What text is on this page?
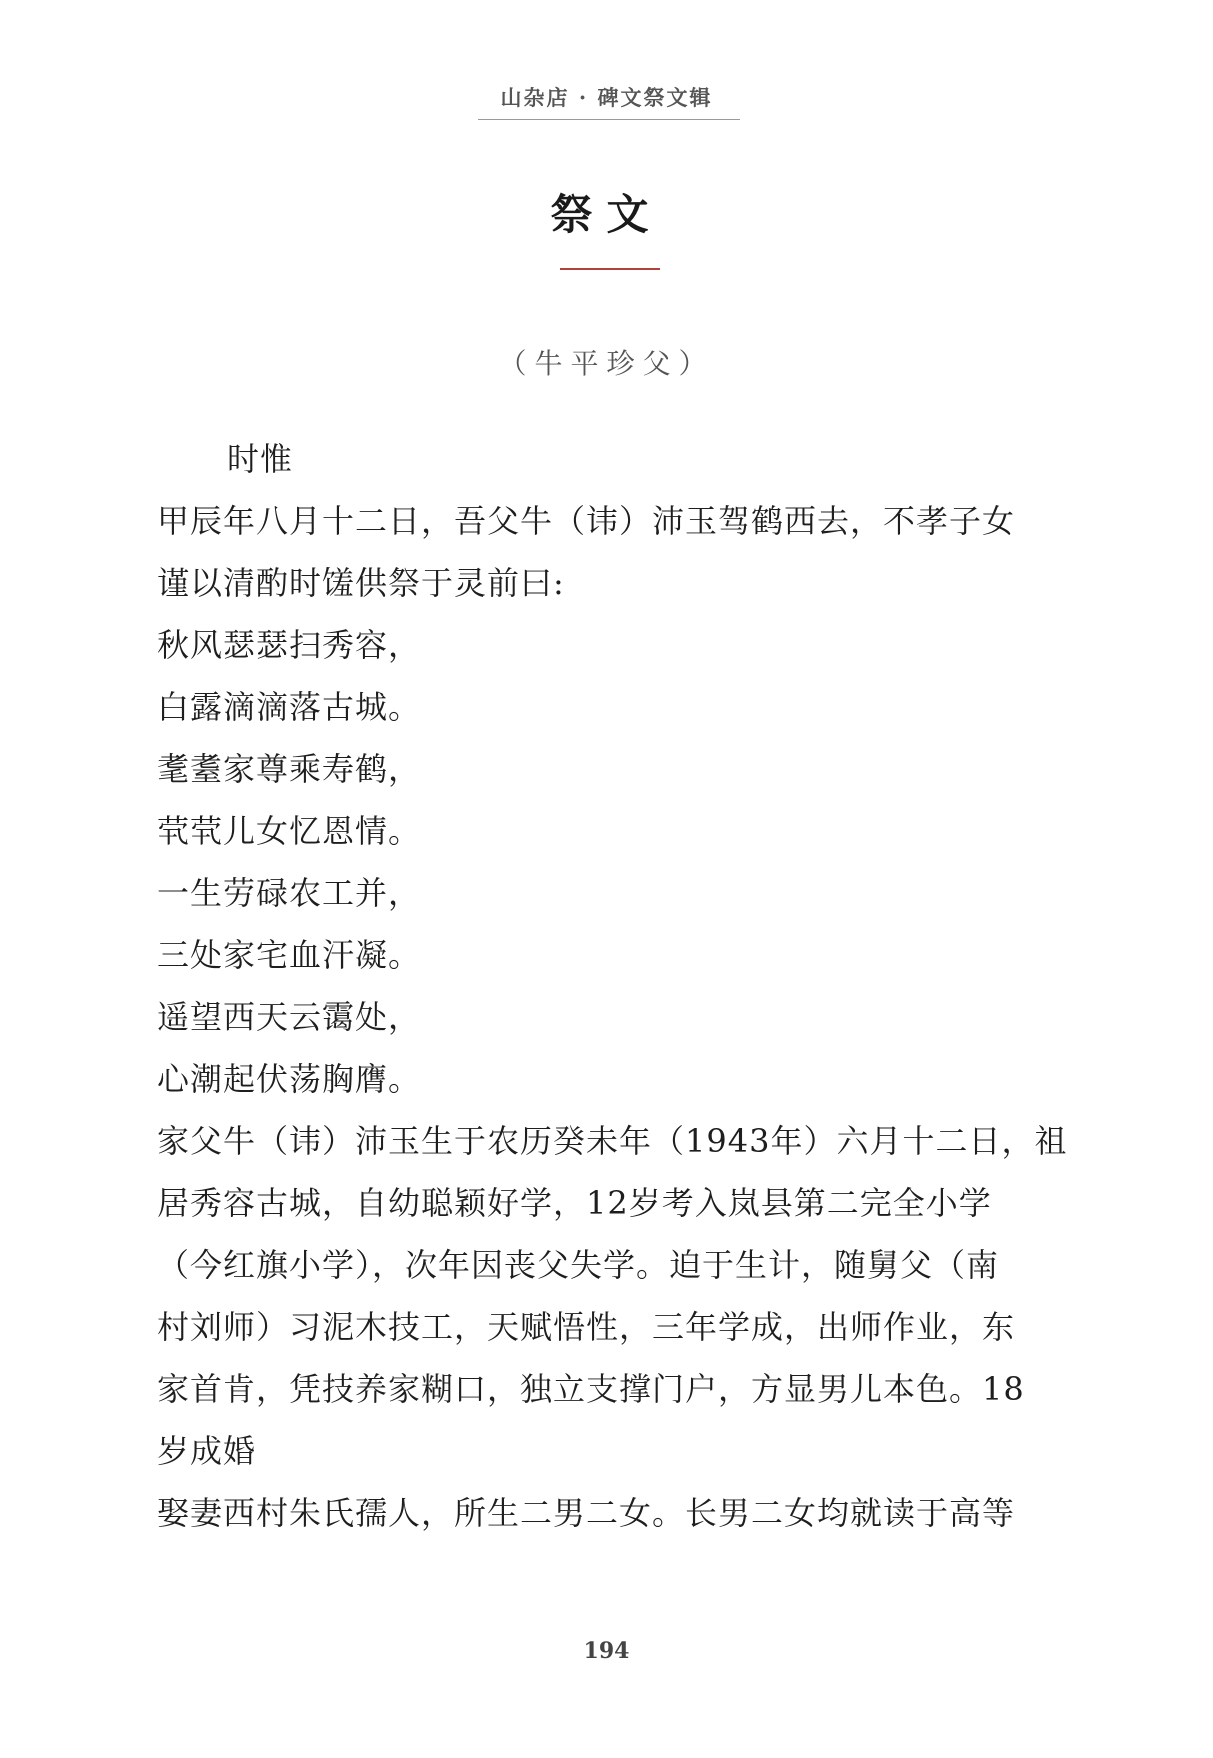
山杂店 · 碑文祭文辑
祭文
（牛平珍父）
时惟
甲辰年八月十二日，吾父牛（讳）沛玉驾鹤西去，不孝子女
谨以清酌时馐供祭于灵前曰:
秋风瑟瑟扫秀容，
白露滴滴落古城。
耄耋家尊乘寿鹤，
茕茕儿女忆恩情。
一生劳碌农工并，
三处家宅血汗凝。
遥望西天云霭处，
心潮起伏荡胸膺。
家父牛（讳）沛玉生于农历癸未年（1943年）六月十二日，祖
居秀容古城，自幼聪颖好学，12岁考入岚县第二完全小学
（今红旗小学），次年因丧父失学。迫于生计，随舅父（南
村刘师）习泥木技工，天赋悟性，三年学成，出师作业，东
家首肯，凭技养家糊口，独立支撑门户，方显男儿本色。18
岁成婚
娶妻西村朱氏孺人，所生二男二女。长男二女均就读于高等
194
